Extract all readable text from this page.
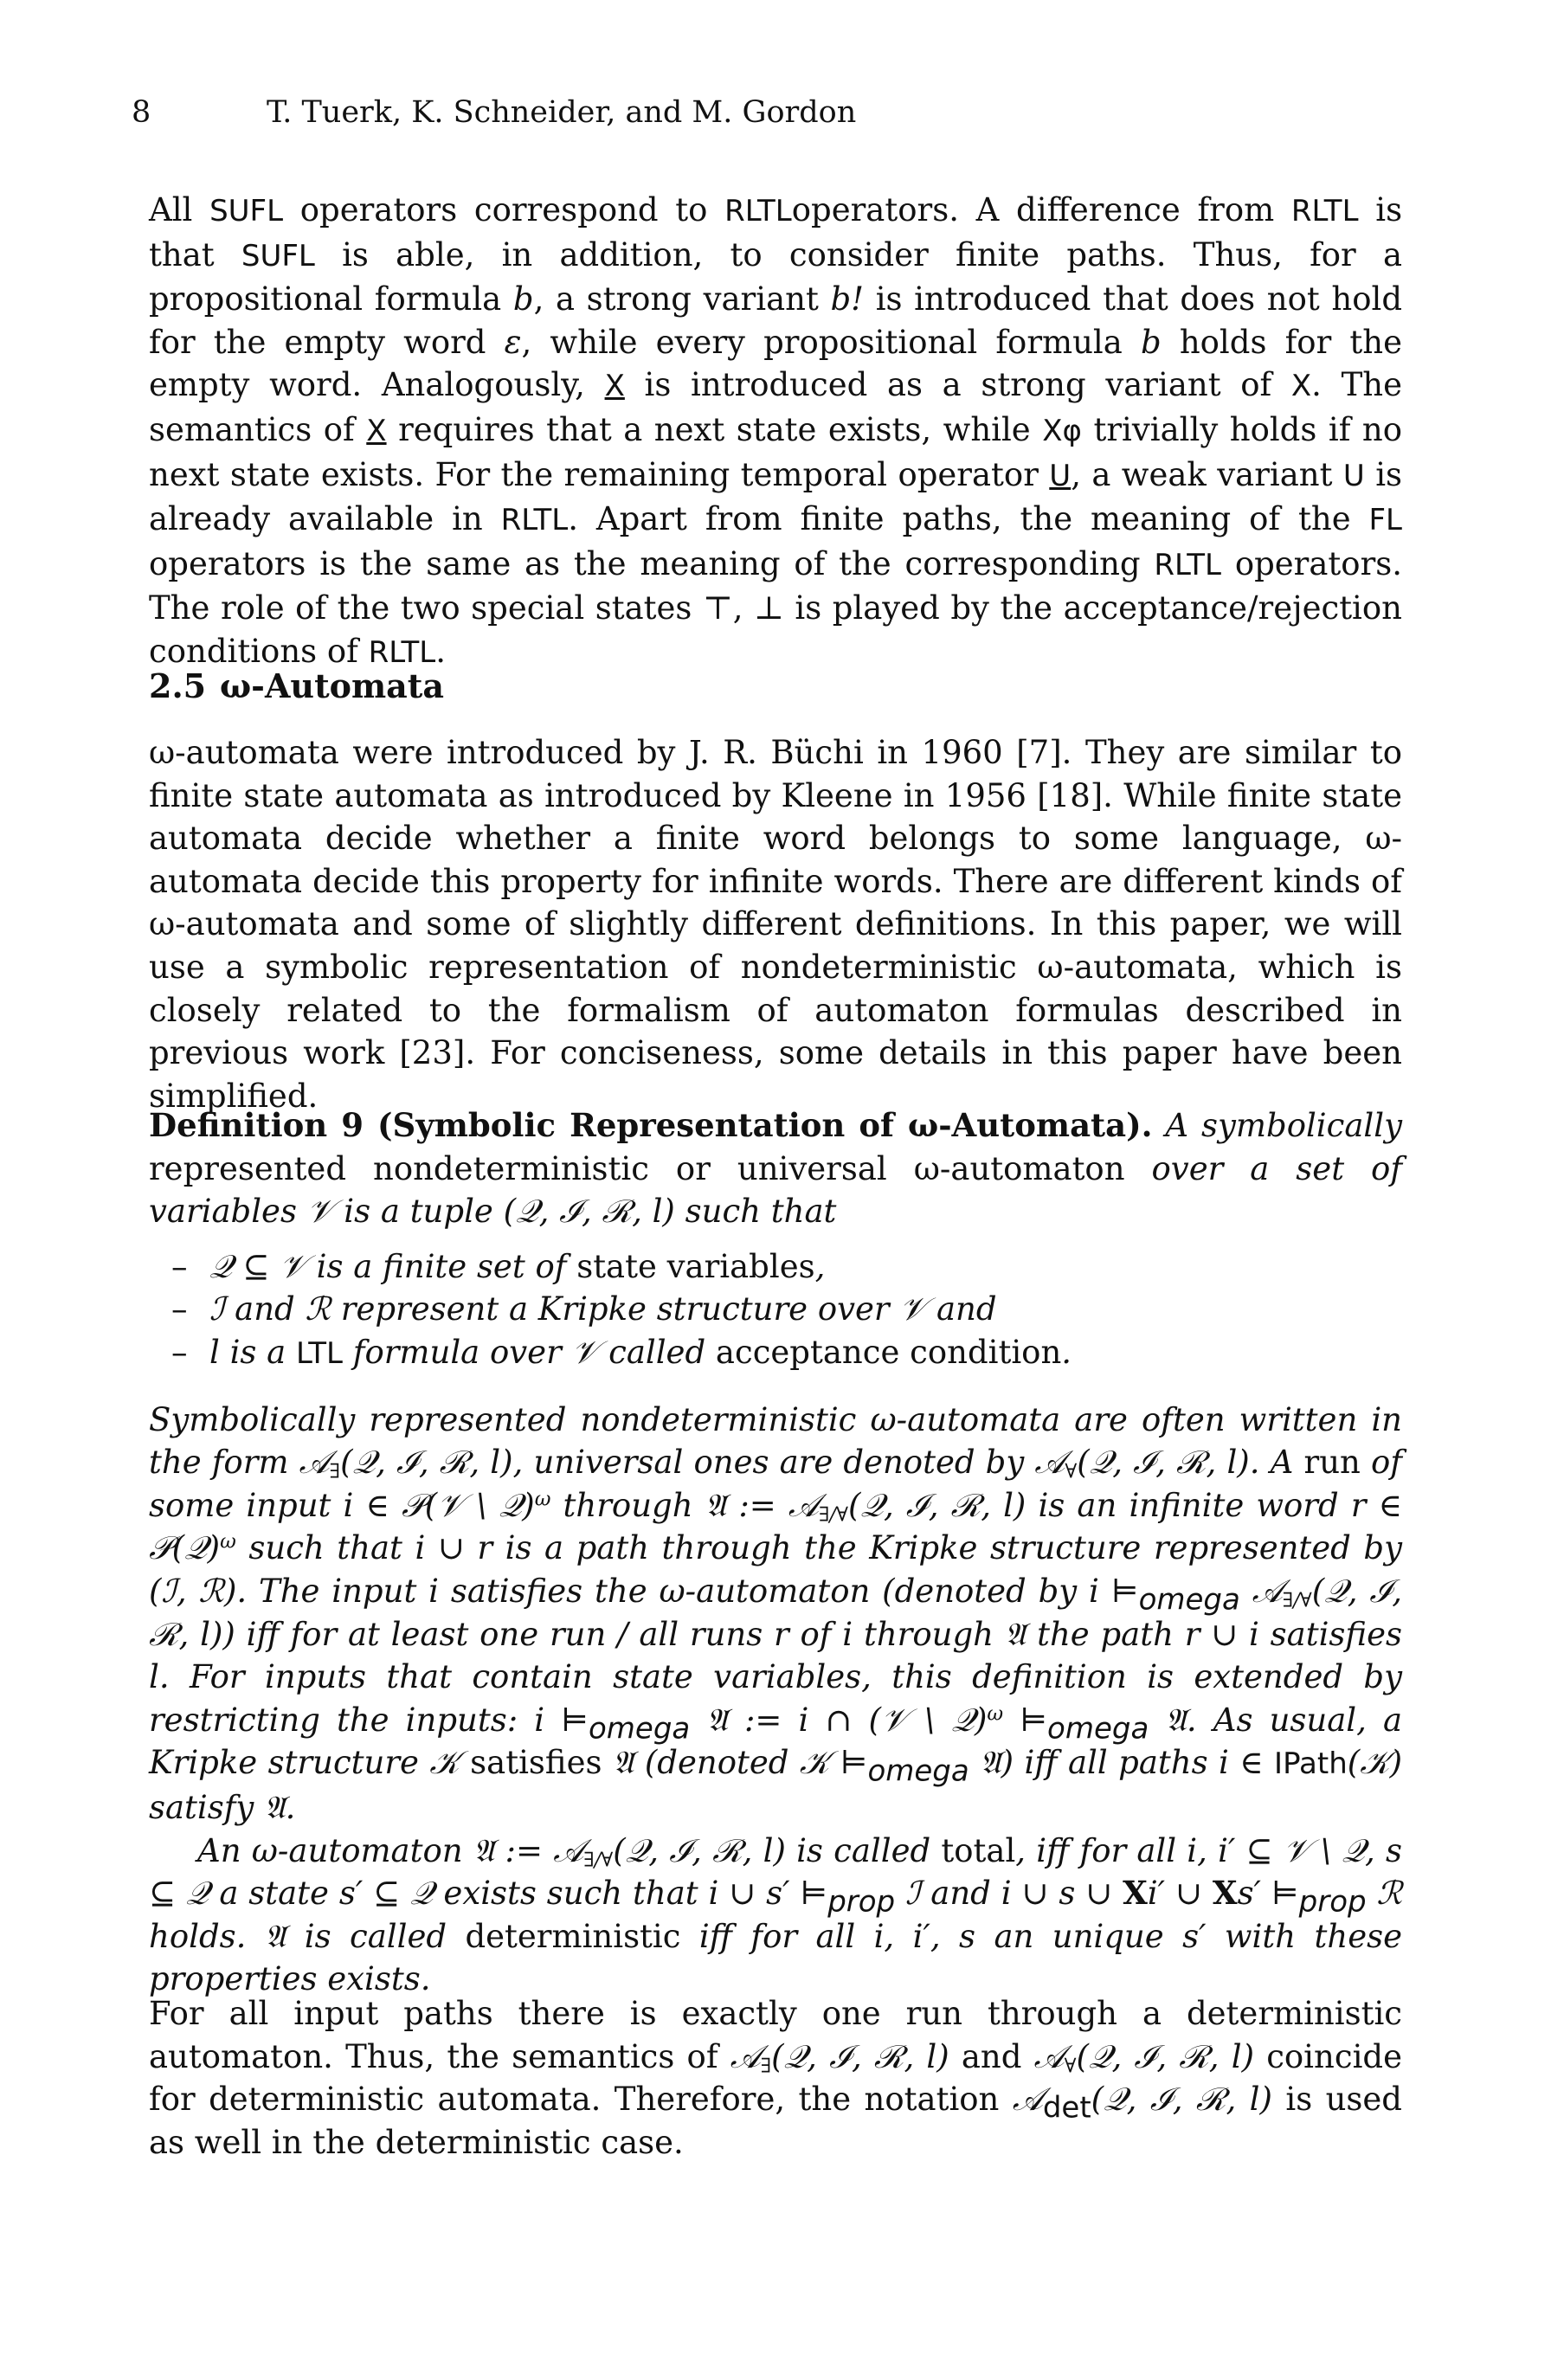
8	T. Tuerk, K. Schneider, and M. Gordon

All SUFL operators correspond to RLTLoperators. A difference from RLTL is that SUFL is able, in addition, to consider finite paths. Thus, for a propositional formula b, a strong variant b! is introduced that does not hold for the empty word ε, while every propositional formula b holds for the empty word. Analogously, X is introduced as a strong variant of X. The semantics of X requires that a next state exists, while Xφ trivially holds if no next state exists. For the remaining temporal operator U, a weak variant U is already available in RLTL. Apart from finite paths, the meaning of the FL operators is the same as the meaning of the corresponding RLTL operators. The role of the two special states ⊤, ⊥ is played by the acceptance/rejection conditions of RLTL.

2.5 ω-Automata

ω-automata were introduced by J. R. Büchi in 1960 [7]. They are similar to finite state automata as introduced by Kleene in 1956 [18]. While finite state automata decide whether a finite word belongs to some language, ω-automata decide this property for infinite words. There are different kinds of ω-automata and some of slightly different definitions. In this paper, we will use a symbolic representation of nondeterministic ω-automata, which is closely related to the formalism of automaton formulas described in previous work [23]. For conciseness, some details in this paper have been simplified.

Definition 9 (Symbolic Representation of ω-Automata). A symbolically represented nondeterministic or universal ω-automaton over a set of variables 𝒱 is a tuple (𝒬, ℐ, ℛ, l) such that

– 𝒬 ⊆ 𝒱 is a finite set of state variables,
– ℐ and ℛ represent a Kripke structure over 𝒱 and
– l is a LTL formula over 𝒱 called acceptance condition.

Symbolically represented nondeterministic ω-automata are often written in the form 𝒜$_\exists$(𝒬, ℐ, ℛ, l), universal ones are denoted by 𝒜$_\forall$(𝒬, ℐ, ℛ, l). A run of some input i ∈ 𝒫(𝒱 \ 𝒬)$^\omega$ through 𝔄 := 𝒜$_{\exists/\forall}$(𝒬, ℐ, ℛ, l) is an infinite word r ∈ 𝒫(𝒬)$^\omega$ such that i ∪ r is a path through the Kripke structure represented by (ℐ, ℛ). The input i satisfies the ω-automaton (denoted by i $⊨_{omega}$ 𝒜$_{\exists/\forall}$(𝒬, ℐ, ℛ, l)) iff for at least one run / all runs r of i through 𝔄 the path r ∪ i satisfies l. For inputs that contain state variables, this definition is extended by restricting the inputs: i $⊨_{omega}$ 𝔄 := i ∩ (𝒱 \ 𝒬)$^\omega$ $⊨_{omega}$ 𝔄. As usual, a Kripke structure 𝒦 satisfies 𝔄 (denoted 𝒦 $⊨_{omega}$ 𝔄) iff all paths i ∈ IPath(𝒦) satisfy 𝔄.

An ω-automaton 𝔄 := 𝒜$_{\exists/\forall}$(𝒬, ℐ, ℛ, l) is called total, iff for all i, i′ ⊆ 𝒱 \ 𝒬, s ⊆ 𝒬 a state s′ ⊆ 𝒬 exists such that i ∪ s′ $⊨_{prop}$ ℐ and i ∪ s ∪ Xi′ ∪ Xs′ $⊨_{prop}$ ℛ holds. 𝔄 is called deterministic iff for all i, i′, s an unique s′ with these properties exists.

For all input paths there is exactly one run through a deterministic automaton. Thus, the semantics of 𝒜$_\exists$(𝒬, ℐ, ℛ, l) and 𝒜$_\forall$(𝒬, ℐ, ℛ, l) coincide for deterministic automata. Therefore, the notation 𝒜$_{det}$(𝒬, ℐ, ℛ, l) is used as well in the deterministic case.
